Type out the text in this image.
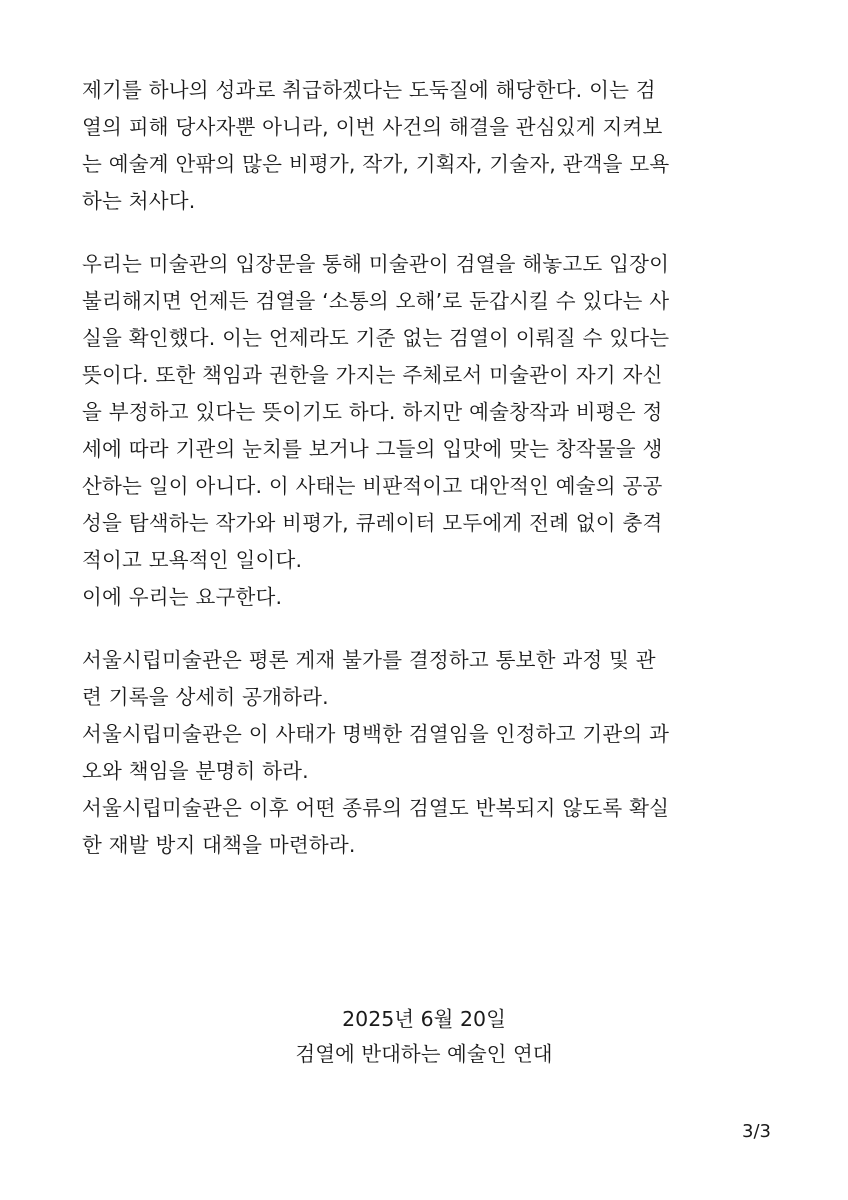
제기를 하나의 성과로 취급하겠다는 도둑질에 해당한다. 이는 검
열의 피해 당사자뿐 아니라, 이번 사건의 해결을 관심있게 지켜보
는 예술계 안팎의 많은 비평가, 작가, 기획자, 기술자, 관객을 모욕
하는 처사다.
우리는 미술관의 입장문을 통해 미술관이 검열을 해놓고도 입장이
불리해지면 언제든 검열을 ‘소통의 오해’로 둔갑시킬 수 있다는 사
실을 확인했다. 이는 언제라도 기준 없는 검열이 이뤄질 수 있다는
뜻이다. 또한 책임과 권한을 가지는 주체로서 미술관이 자기 자신
을 부정하고 있다는 뜻이기도 하다. 하지만 예술창작과 비평은 정
세에 따라 기관의 눈치를 보거나 그들의 입맛에 맞는 창작물을 생
산하는 일이 아니다. 이 사태는 비판적이고 대안적인 예술의 공공
성을 탐색하는 작가와 비평가, 큐레이터 모두에게 전례 없이 충격
적이고 모욕적인 일이다.
이에 우리는 요구한다.
서울시립미술관은 평론 게재 불가를 결정하고 통보한 과정 및 관
련 기록을 상세히 공개하라.
서울시립미술관은 이 사태가 명백한 검열임을 인정하고 기관의 과
오와 책임을 분명히 하라.
서울시립미술관은 이후 어떤 종류의 검열도 반복되지 않도록 확실
한 재발 방지 대책을 마련하라.
2025년 6월 20일
검열에 반대하는 예술인 연대
3/3
